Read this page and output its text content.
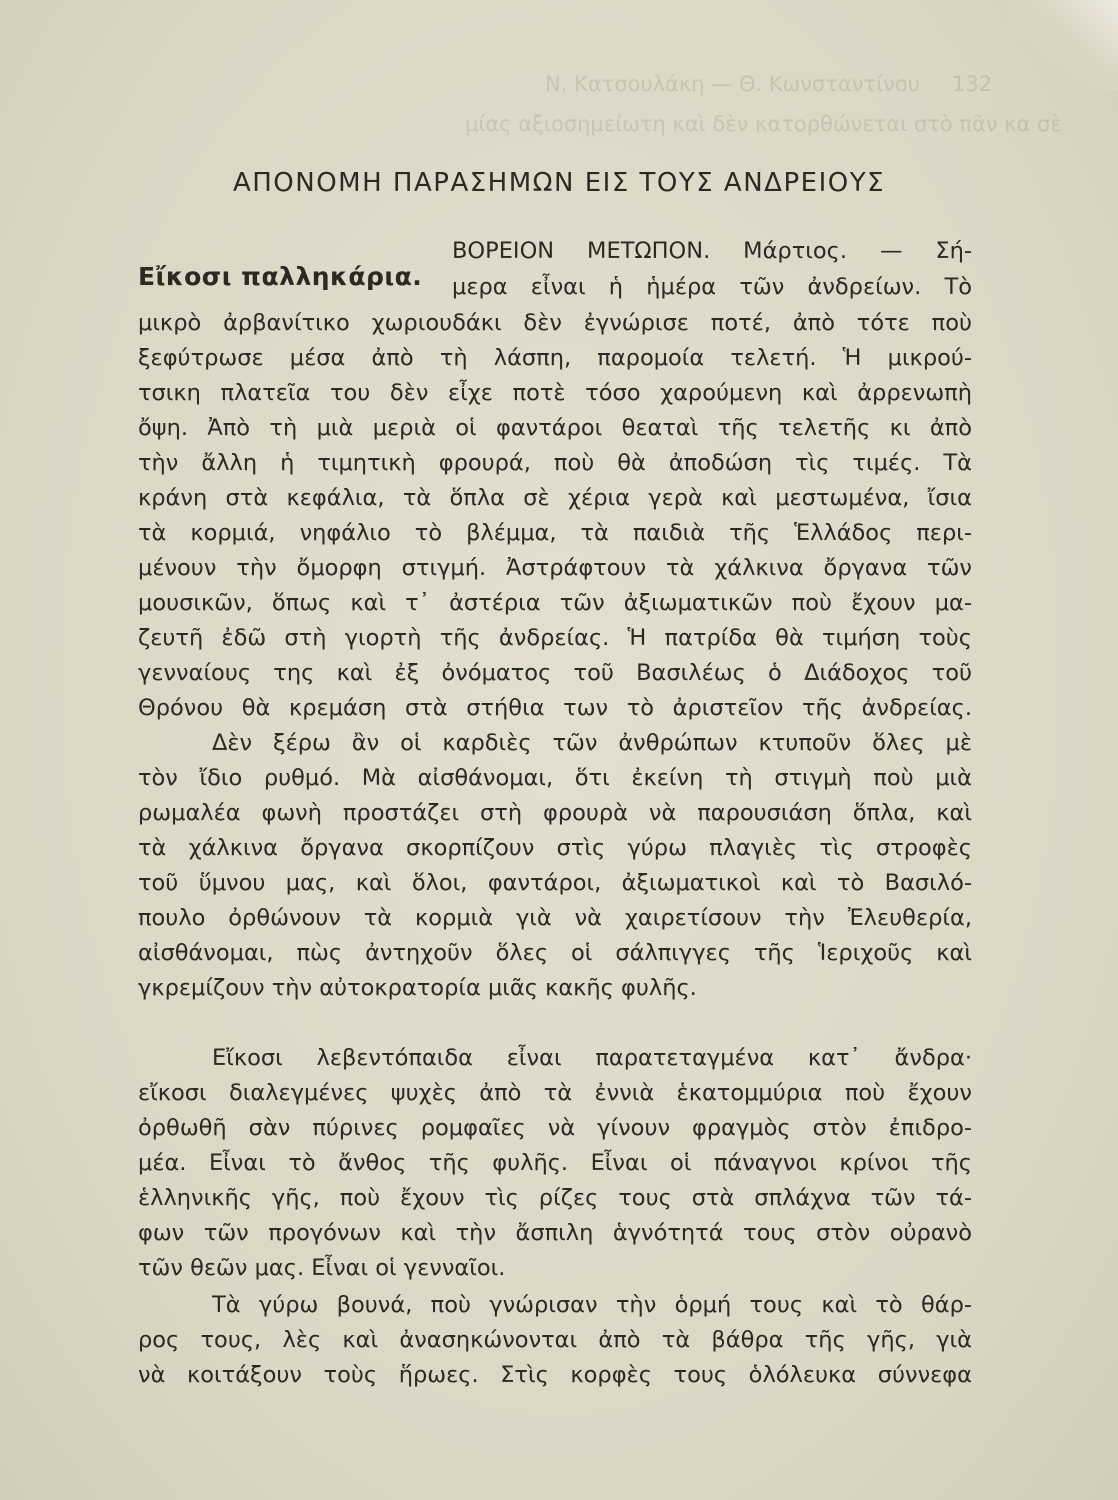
132
Ν. Κατσουλάκη — Θ. Κωνσταντίνου
μίας αξιοσημείωτη καὶ δὲν κατορθώνεται στὸ πᾶν κα σὲ
ΑΠΟΝΟΜΗ ΠΑΡΑΣΗΜΩΝ ΕΙΣ ΤΟΥΣ ΑΝΔΡΕΙΟΥΣ
Εἴκοσι παλληκάρια.
ΒΟΡΕΙΟΝ ΜΕΤΩΠΟΝ. Μάρτιος. — Σή-
μερα εἶναι ἡ ἡμέρα τῶν ἀνδρείων. Τὸ
μικρὸ ἀρβανίτικο χωριουδάκι δὲν ἐγνώρισε ποτέ, ἀπὸ τότε ποὺ
ξεφύτρωσε μέσα ἀπὸ τὴ λάσπη, παρομοία τελετή. Ἡ μικρού-
τσικη πλατεῖα του δὲν εἶχε ποτὲ τόσο χαρούμενη καὶ ἀρρενωπὴ
ὄψη. Ἀπὸ τὴ μιὰ μεριὰ οἱ φαντάροι θεαταὶ τῆς τελετῆς κι ἀπὸ
τὴν ἄλλη ἡ τιμητικὴ φρουρά, ποὺ θὰ ἀποδώση τὶς τιμές. Τὰ
κράνη στὰ κεφάλια, τὰ ὅπλα σὲ χέρια γερὰ καὶ μεστωμένα, ἴσια
τὰ κορμιά, νηφάλιο τὸ βλέμμα, τὰ παιδιὰ τῆς Ἑλλάδος περι-
μένουν τὴν ὄμορφη στιγμή. Ἀστράφτουν τὰ χάλκινα ὄργανα τῶν
μουσικῶν, ὅπως καὶ τ᾿ ἀστέρια τῶν ἀξιωματικῶν ποὺ ἔχουν μα-
ζευτῆ ἐδῶ στὴ γιορτὴ τῆς ἀνδρείας. Ἡ πατρίδα θὰ τιμήση τοὺς
γενναίους της καὶ ἐξ ὀνόματος τοῦ Βασιλέως ὁ Διάδοχος τοῦ
Θρόνου θὰ κρεμάση στὰ στήθια των τὸ ἀριστεῖον τῆς ἀνδρείας.
Δὲν ξέρω ἂν οἱ καρδιὲς τῶν ἀνθρώπων κτυποῦν ὅλες μὲ
τὸν ἴδιο ρυθμό. Μὰ αἰσθάνομαι, ὅτι ἐκείνη τὴ στιγμὴ ποὺ μιὰ
ρωμαλέα φωνὴ προστάζει στὴ φρουρὰ νὰ παρουσιάση ὅπλα, καὶ
τὰ χάλκινα ὄργανα σκορπίζουν στὶς γύρω πλαγιὲς τὶς στροφὲς
τοῦ ὕμνου μας, καὶ ὅλοι, φαντάροι, ἀξιωματικοὶ καὶ τὸ Βασιλό-
πουλο ὀρθώνουν τὰ κορμιὰ γιὰ νὰ χαιρετίσουν τὴν Ἐλευθερία,
αἰσθάνομαι, πὼς ἀντηχοῦν ὅλες οἱ σάλπιγγες τῆς Ἱεριχοῦς καὶ
γκρεμίζουν τὴν αὐτοκρατορία μιᾶς κακῆς φυλῆς.
Εἴκοσι λεβεντόπαιδα εἶναι παρατεταγμένα κατ᾿ ἄνδρα·
εἴκοσι διαλεγμένες ψυχὲς ἀπὸ τὰ ἐννιὰ ἑκατομμύρια ποὺ ἔχουν
ὀρθωθῆ σὰν πύρινες ρομφαῖες νὰ γίνουν φραγμὸς στὸν ἐπιδρο-
μέα. Εἶναι τὸ ἄνθος τῆς φυλῆς. Εἶναι οἱ πάναγνοι κρίνοι τῆς
ἑλληνικῆς γῆς, ποὺ ἔχουν τὶς ρίζες τους στὰ σπλάχνα τῶν τά-
φων τῶν προγόνων καὶ τὴν ἄσπιλη ἁγνότητά τους στὸν οὐρανὸ
τῶν θεῶν μας. Εἶναι οἱ γενναῖοι.
Τὰ γύρω βουνά, ποὺ γνώρισαν τὴν ὁρμή τους καὶ τὸ θάρ-
ρος τους, λὲς καὶ ἀνασηκώνονται ἀπὸ τὰ βάθρα τῆς γῆς, γιὰ
νὰ κοιτάξουν τοὺς ἥρωες. Στὶς κορφὲς τους ὁλόλευκα σύννεφα
